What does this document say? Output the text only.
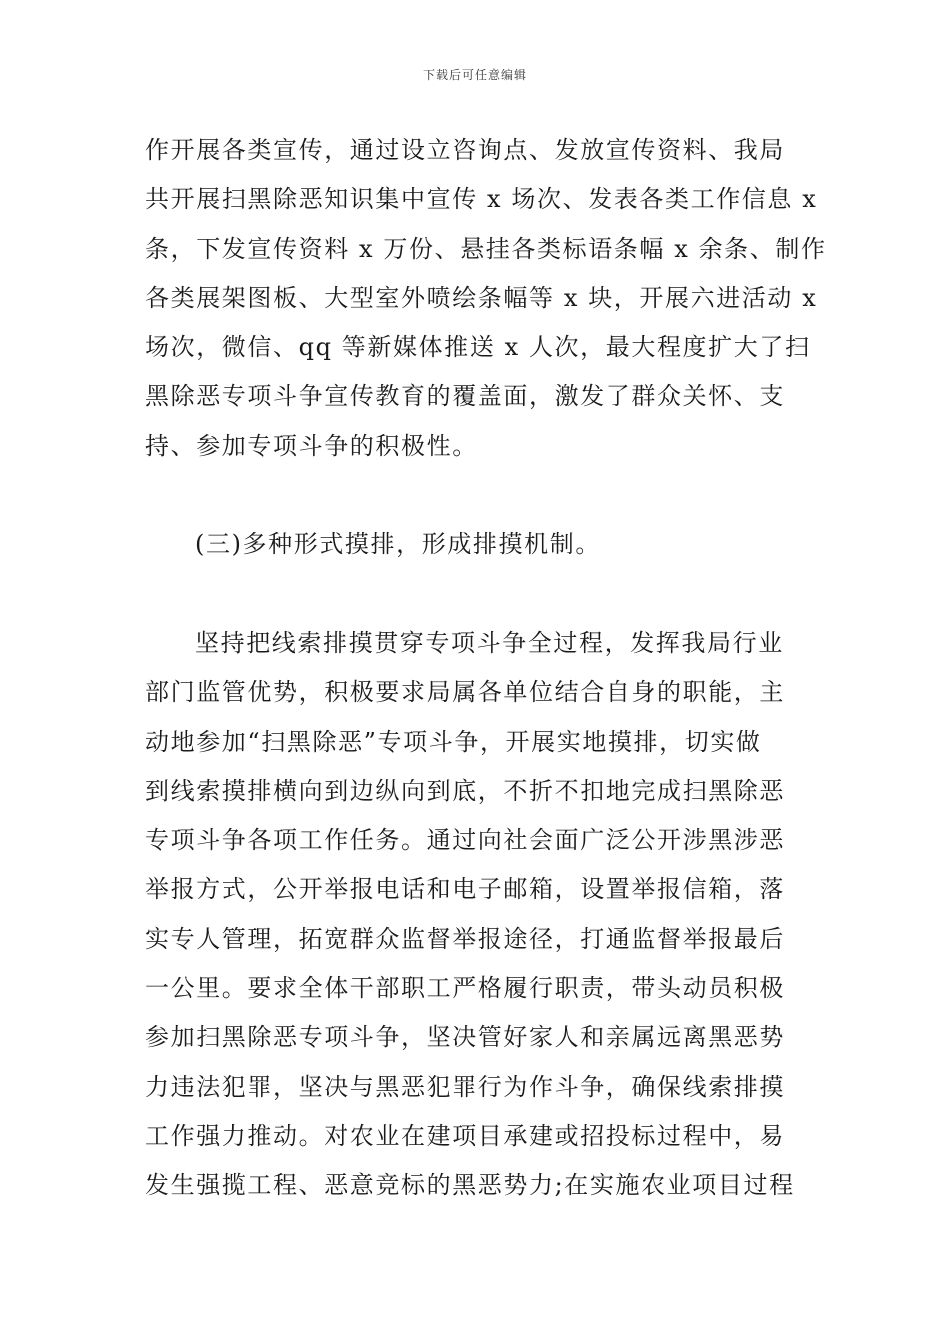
下载后可任意编辑
作开展各类宣传，通过设立咨询点、发放宣传资料、我局
共开展扫黑除恶知识集中宣传 x 场次、发表各类工作信息 x
条，下发宣传资料 x 万份、悬挂各类标语条幅 x 余条、制作
各类展架图板、大型室外喷绘条幅等 x 块，开展六进活动 x
场次，微信、qq 等新媒体推送 x 人次，最大程度扩大了扫
黑除恶专项斗争宣传教育的覆盖面，激发了群众关怀、支
持、参加专项斗争的积极性。
(三)多种形式摸排，形成排摸机制。
坚持把线索排摸贯穿专项斗争全过程，发挥我局行业
部门监管优势，积极要求局属各单位结合自身的职能，主
动地参加“扫黑除恶”专项斗争，开展实地摸排，切实做
到线索摸排横向到边纵向到底，不折不扣地完成扫黑除恶
专项斗争各项工作任务。通过向社会面广泛公开涉黑涉恶
举报方式，公开举报电话和电子邮箱，设置举报信箱，落
实专人管理，拓宽群众监督举报途径，打通监督举报最后
一公里。要求全体干部职工严格履行职责，带头动员积极
参加扫黑除恶专项斗争，坚决管好家人和亲属远离黑恶势
力违法犯罪，坚决与黑恶犯罪行为作斗争，确保线索排摸
工作强力推动。对农业在建项目承建或招投标过程中，易
发生强揽工程、恶意竞标的黑恶势力;在实施农业项目过程
